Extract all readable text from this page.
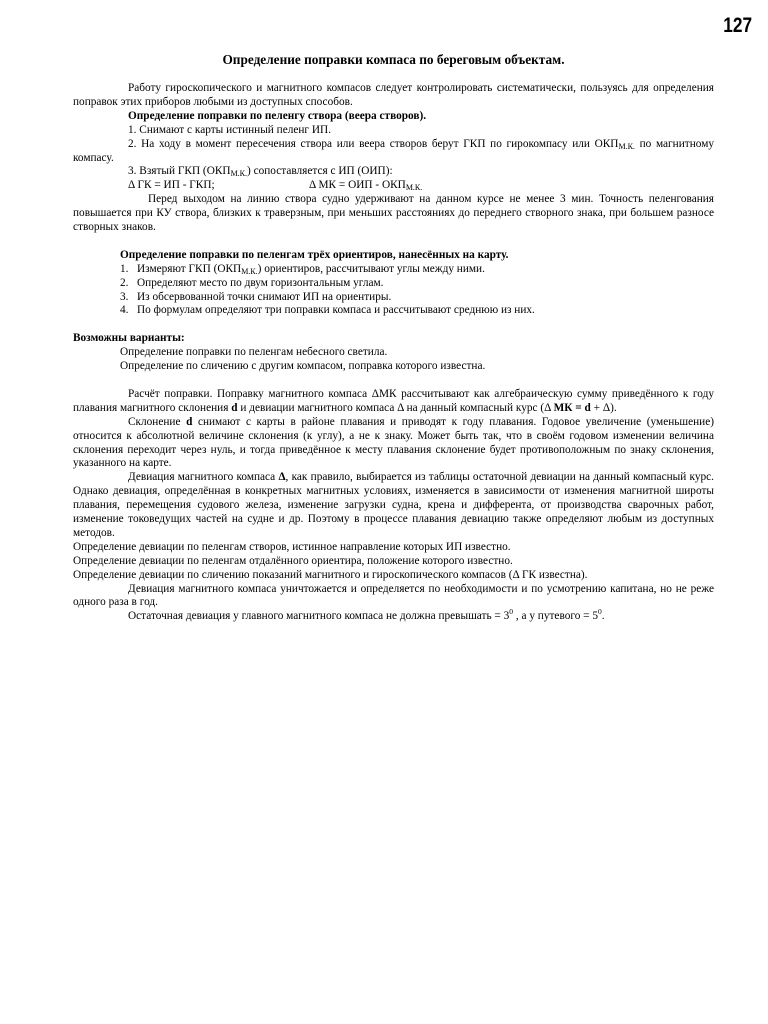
127
Определение поправки компаса по береговым объектам.

Работу гироскопического и магнитного компасов следует контролировать систематически, пользуясь для определения поправок этих приборов любыми из доступных способов.

Определение поправки по пеленгу створа (веера створов).

1. Снимают с карты истинный пеленг ИП.

2. На ходу в момент пересечения створа или веера створов берут ГКП по гирокомпасу или $ОКП_{М.К.}$ по магнитному компасу.

3. Взятый ГКП $(ОКП_{М.К.})$ сопоставляется с ИП (ОИП):

Δ ГК = ИП - ГКП;	Δ МК = ОИП - $ОКП_{М.К.}$

Перед выходом на линию створа судно удерживают на данном курсе не менее 3 мин. Точность пеленгования повышается при КУ створа, близких к траверзным, при меньших расстояниях до переднего створного знака, при большем разносе створных знаков.

Определение поправки по пеленгам трёх ориентиров, нанесённых на карту.

1. Измеряют ГКП $(ОКП_{М.К.})$ ориентиров, рассчитывают углы между ними.
2. Определяют место по двум горизонтальным углам.
3. Из обсервованной точки снимают ИП на ориентиры.
4. По формулам определяют три поправки компаса и рассчитывают среднюю из них.

Возможны варианты:

Определение поправки по пеленгам небесного светила.

Определение по сличению с другим компасом, поправка которого известна.

Расчёт поправки. Поправку магнитного компаса ΔМК рассчитывают как алгебраическую сумму приведённого к году плавания магнитного склонения d и девиации магнитного компаса Δ на данный компасный курс (Δ МК = d + Δ).

Склонение d снимают с карты в районе плавания и приводят к году плавания. Годовое увеличение (уменьшение) относится к абсолютной величине склонения (к углу), а не к знаку. Может быть так, что в своём годовом изменении величина склонения переходит через нуль, и тогда приведённое к месту плавания склонение будет противоположным по знаку склонения, указанного на карте.

Девиация магнитного компаса Δ, как правило, выбирается из таблицы остаточной девиации на данный компасный курс. Однако девиация, определённая в конкретных магнитных условиях, изменяется в зависимости от изменения магнитной широты плавания, перемещения судового железа, изменение загрузки судна, крена и дифферента, от производства сварочных работ, изменение токоведущих частей на судне и др. Поэтому в процессе плавания девиацию также определяют любым из доступных методов.

Определение девиации по пеленгам створов, истинное направление которых ИП известно.

Определение девиации по пеленгам отдалённого ориентира, положение которого известно.

Определение девиации по сличению показаний магнитного и гироскопического компасов (Δ ГК известна).

Девиация магнитного компаса уничтожается и определяется по необходимости и по усмотрению капитана, но не реже одного раза в год.

Остаточная девиация у главного магнитного компаса не должна превышать = $3^0$ , а у путевого = $5^0$.
